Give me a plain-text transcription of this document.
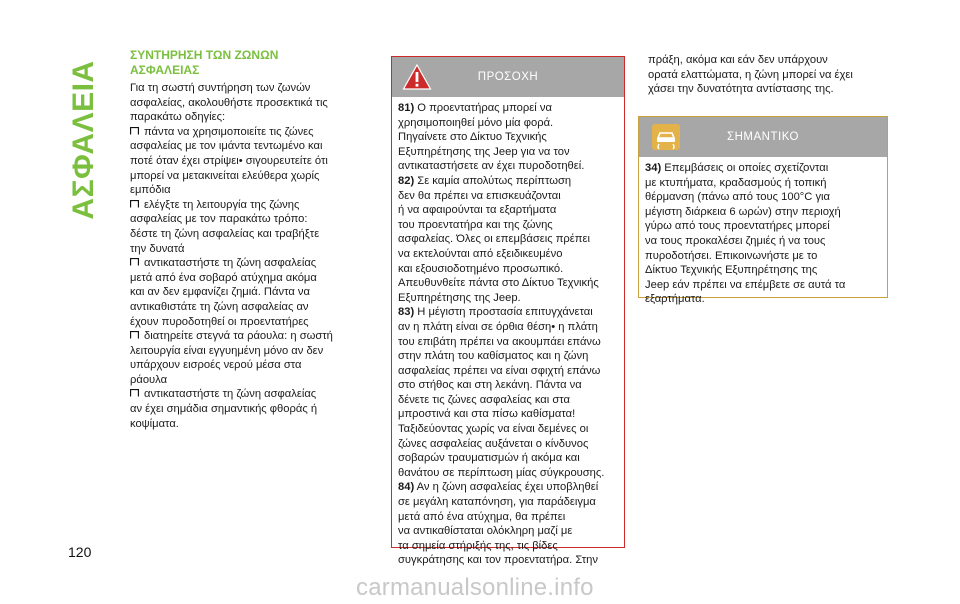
ΑΣΦΑΛΕΙΑ
ΣΥΝΤΗΡΗΣΗ ΤΩΝ ΖΩΝΩΝ
ΑΣΦΑΛΕΙΑΣ

Για τη σωστή συντήρηση των ζωνών
ασφαλείας, ακολουθήστε προσεκτικά τις
παρακάτω οδηγίες:

πάντα να χρησιμοποιείτε τις ζώνες
ασφαλείας με τον ιμάντα τεντωμένο και
ποτέ όταν έχει στρίψει• σιγουρευτείτε ότι
μπορεί να μετακινείται ελεύθερα χωρίς
εμπόδια

ελέγξτε τη λειτουργία της ζώνης
ασφαλείας με τον παρακάτω τρόπο:
δέστε τη ζώνη ασφαλείας και τραβήξτε
την δυνατά

αντικαταστήστε τη ζώνη ασφαλείας
μετά από ένα σοβαρό ατύχημα ακόμα
και αν δεν εμφανίζει ζημιά. Πάντα να
αντικαθιστάτε τη ζώνη ασφαλείας αν
έχουν πυροδοτηθεί οι προεντατήρες

διατηρείτε στεγνά τα ράουλα: η σωστή
λειτουργία είναι εγγυημένη μόνο αν δεν
υπάρχουν εισροές νερού μέσα στα
ράουλα

αντικαταστήστε τη ζώνη ασφαλείας
αν έχει σημάδια σημαντικής φθοράς ή
κοψίματα.

ΠΡΟΣΟΧΗ

81) Ο προεντατήρας μπορεί να
χρησιμοποιηθεί μόνο μία φορά.
Πηγαίνετε στο Δίκτυο Τεχνικής
Εξυπηρέτησης της Jeep για να τον
αντικαταστήσετε αν έχει πυροδοτηθεί.

82) Σε καμία απολύτως περίπτωση
δεν θα πρέπει να επισκευάζονται
ή να αφαιρούνται τα εξαρτήματα
του προεντατήρα και της ζώνης
ασφαλείας. Όλες οι επεμβάσεις πρέπει
να εκτελούνται από εξειδικευμένο
και εξουσιοδοτημένο προσωπικό.
Απευθυνθείτε πάντα στο Δίκτυο Τεχνικής
Εξυπηρέτησης της Jeep.

83) Η μέγιστη προστασία επιτυγχάνεται
αν η πλάτη είναι σε όρθια θέση• η πλάτη
του επιβάτη πρέπει να ακουμπάει επάνω
στην πλάτη του καθίσματος και η ζώνη
ασφαλείας πρέπει να είναι σφιχτή επάνω
στο στήθος και στη λεκάνη. Πάντα να
δένετε τις ζώνες ασφαλείας και στα
μπροστινά και στα πίσω καθίσματα!
Ταξιδεύοντας χωρίς να είναι δεμένες οι
ζώνες ασφαλείας αυξάνεται ο κίνδυνος
σοβαρών τραυματισμών ή ακόμα και
θανάτου σε περίπτωση μίας σύγκρουσης.

84) Αν η ζώνη ασφαλείας έχει υποβληθεί
σε μεγάλη καταπόνηση, για παράδειγμα
μετά από ένα ατύχημα, θα πρέπει
να αντικαθίσταται ολόκληρη μαζί με
τα σημεία στήριξής της, τις βίδες
συγκράτησης και τον προεντατήρα. Στην

πράξη, ακόμα και εάν δεν υπάρχουν
ορατά ελαττώματα, η ζώνη μπορεί να έχει
χάσει την δυνατότητα αντίστασης της.
ΣΗΜΑΝΤΙΚΟ

34) Επεμβάσεις οι οποίες σχετίζονται
με κτυπήματα, κραδασμούς ή τοπική
θέρμανση (πάνω από τους 100°C για
μέγιστη διάρκεια 6 ωρών) στην περιοχή
γύρω από τους προεντατήρες μπορεί
να τους προκαλέσει ζημιές ή να τους
πυροδοτήσει. Επικοινωνήστε με το
Δίκτυο Τεχνικής Εξυπηρέτησης της
Jeep εάν πρέπει να επέμβετε σε αυτά τα
εξαρτήματα.

120
carmanualsonline.info
